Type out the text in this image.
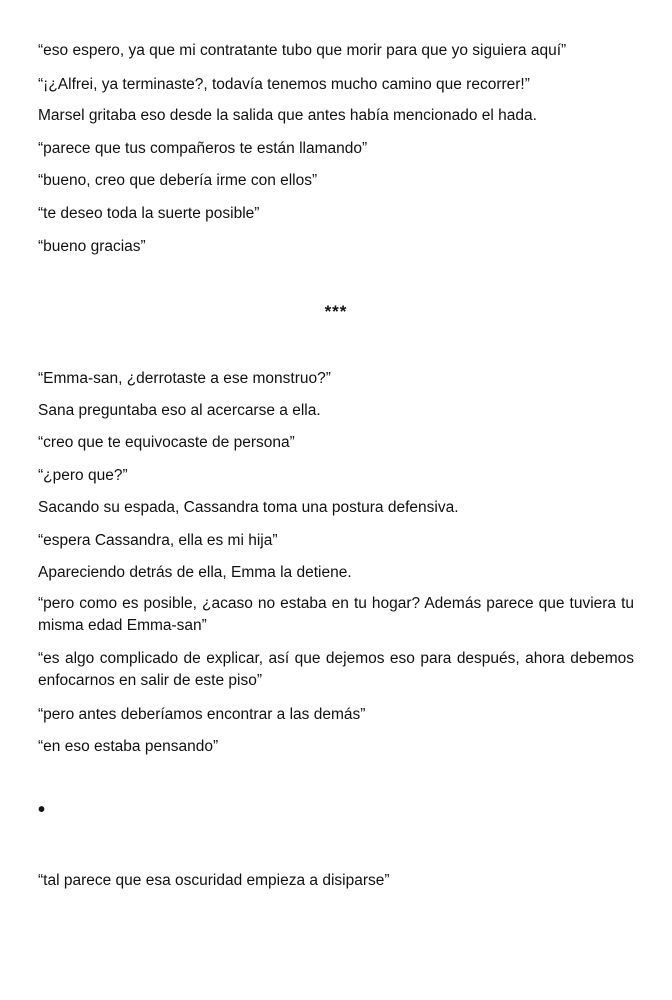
“eso espero, ya que mi contratante tubo que morir para que yo siguiera aquí”
“¡¿Alfrei, ya terminaste?, todavía tenemos mucho camino que recorrer!”
Marsel gritaba eso desde la salida que antes había mencionado el hada.
“parece que tus compañeros te están llamando”
“bueno, creo que debería irme con ellos”
“te deseo toda la suerte posible”
“bueno gracias”
***
“Emma-san, ¿derrotaste a ese monstruo?”
Sana preguntaba eso al acercarse a ella.
“creo que te equivocaste de persona”
“¿pero que?”
Sacando su espada, Cassandra toma una postura defensiva.
“espera Cassandra, ella es mi hija”
Apareciendo detrás de ella, Emma la detiene.
“pero como es posible, ¿acaso no estaba en tu hogar? Además parece que tuviera tu misma edad Emma-san”
“es algo complicado de explicar, así que dejemos eso para después, ahora debemos enfocarnos en salir de este piso”
“pero antes deberíamos encontrar a las demás”
“en eso estaba pensando”
•
“tal parece que esa oscuridad empieza a disiparse”
